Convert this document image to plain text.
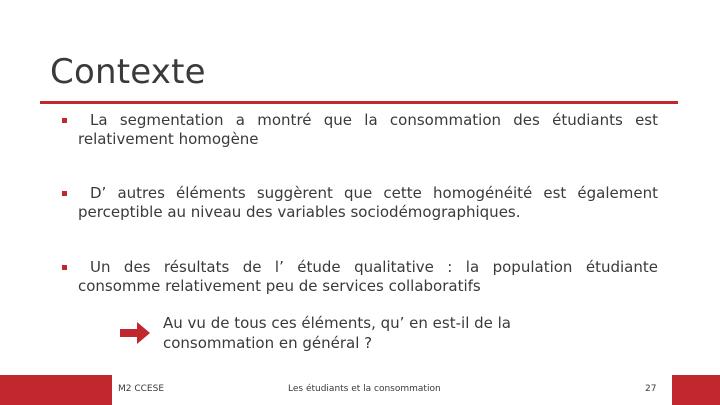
Contexte
La segmentation a montré que la consommation des étudiants est relativement homogène
D’ autres éléments suggèrent que cette homogénéité est également perceptible au niveau des variables sociodémographiques.
Un des résultats de l’ étude qualitative : la population étudiante consomme relativement peu de services collaboratifs
Au vu de tous ces éléments, qu’ en est-il de la consommation en général ?
M2 CCESE	Les étudiants et la consommation	27
